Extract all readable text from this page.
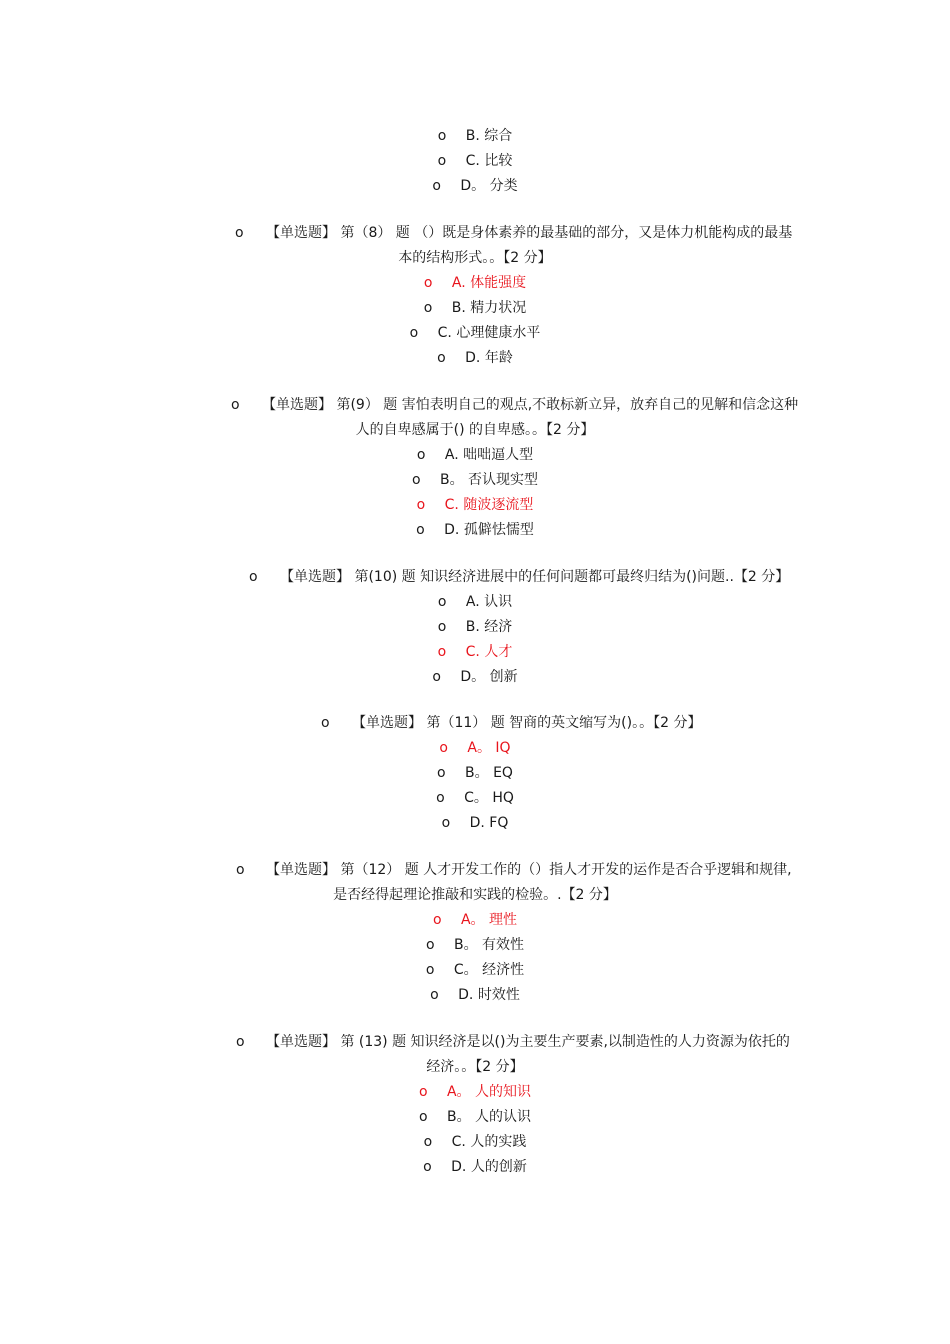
o B. 综合
o C. 比较
o D。 分类
o 【单选题】 第（8） 题 （）既是身体素养的最基础的部分，又是体力机能构成的最基
本的结构形式。。【2 分】
o A. 体能强度
o B. 精力状况
o C. 心理健康水平
o D. 年龄
o 【单选题】 第(9） 题 害怕表明自己的观点,不敢标新立异，放弃自己的见解和信念这种
人的自卑感属于() 的自卑感。。【2 分】
o A. 咄咄逼人型
o B。 否认现实型
o C. 随波逐流型
o D. 孤僻怯懦型
o 【单选题】 第(10) 题 知识经济进展中的任何问题都可最终归结为()问题..【2 分】
o A. 认识
o B. 经济
o C. 人才
o D。 创新
o 【单选题】 第（11） 题 智商的英文缩写为()。。【2 分】
o A。 IQ
o B。 EQ
o C。 HQ
o D. FQ
o 【单选题】 第（12） 题 人才开发工作的（）指人才开发的运作是否合乎逻辑和规律,
是否经得起理论推敲和实践的检验。.【2 分】
o A。 理性
o B。 有效性
o C。 经济性
o D. 时效性
o 【单选题】 第 (13) 题 知识经济是以()为主要生产要素,以制造性的人力资源为依托的
经济。。【2 分】
o A。 人的知识
o B。 人的认识
o C. 人的实践
o D. 人的创新
